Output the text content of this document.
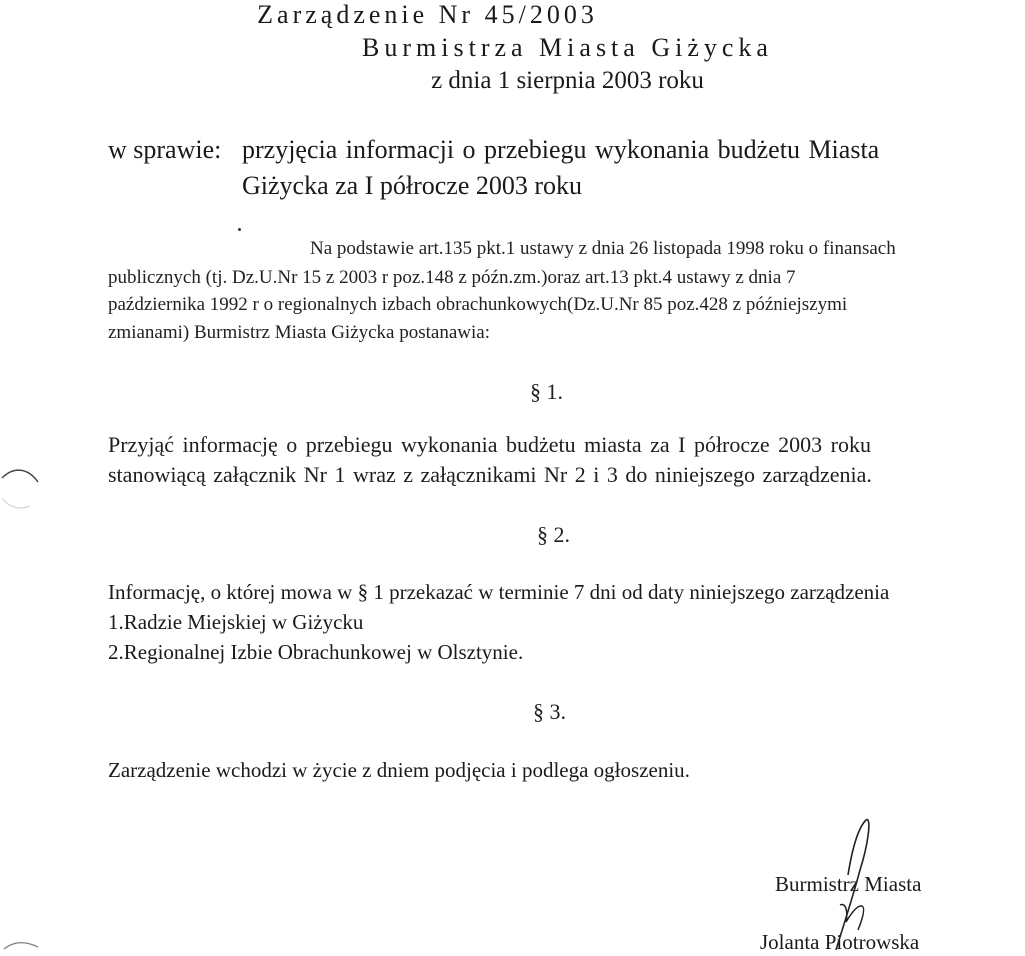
Zarządzenie Nr 45/2003
Burmistrza Miasta Giżycka
z dnia 1 sierpnia 2003 roku
w sprawie: przyjęcia informacji o przebiegu wykonania budżetu Miasta
Giżycka za I półrocze 2003 roku
Na podstawie art.135 pkt.1 ustawy z dnia 26 listopada 1998 roku o finansach
publicznych (tj. Dz.U.Nr 15 z 2003 r poz.148 z późn.zm.)oraz art.13 pkt.4 ustawy z dnia 7
października 1992 r o regionalnych izbach obrachunkowych(Dz.U.Nr 85 poz.428 z późniejszymi
zmianami) Burmistrz Miasta Giżycka postanawia:
§ 1.
Przyjąć informację o przebiegu wykonania budżetu miasta za I półrocze 2003 roku
stanowiącą załącznik Nr 1 wraz z załącznikami Nr 2 i 3 do niniejszego zarządzenia.
§ 2.
Informację, o której mowa w § 1 przekazać w terminie 7 dni od daty niniejszego zarządzenia
1.Radzie Miejskiej w Giżycku
2.Regionalnej Izbie Obrachunkowej w Olsztynie.
§ 3.
Zarządzenie wchodzi w życie z dniem podjęcia i podlega ogłoszeniu.
Burmistrz Miasta
Jolanta Piotrowska
